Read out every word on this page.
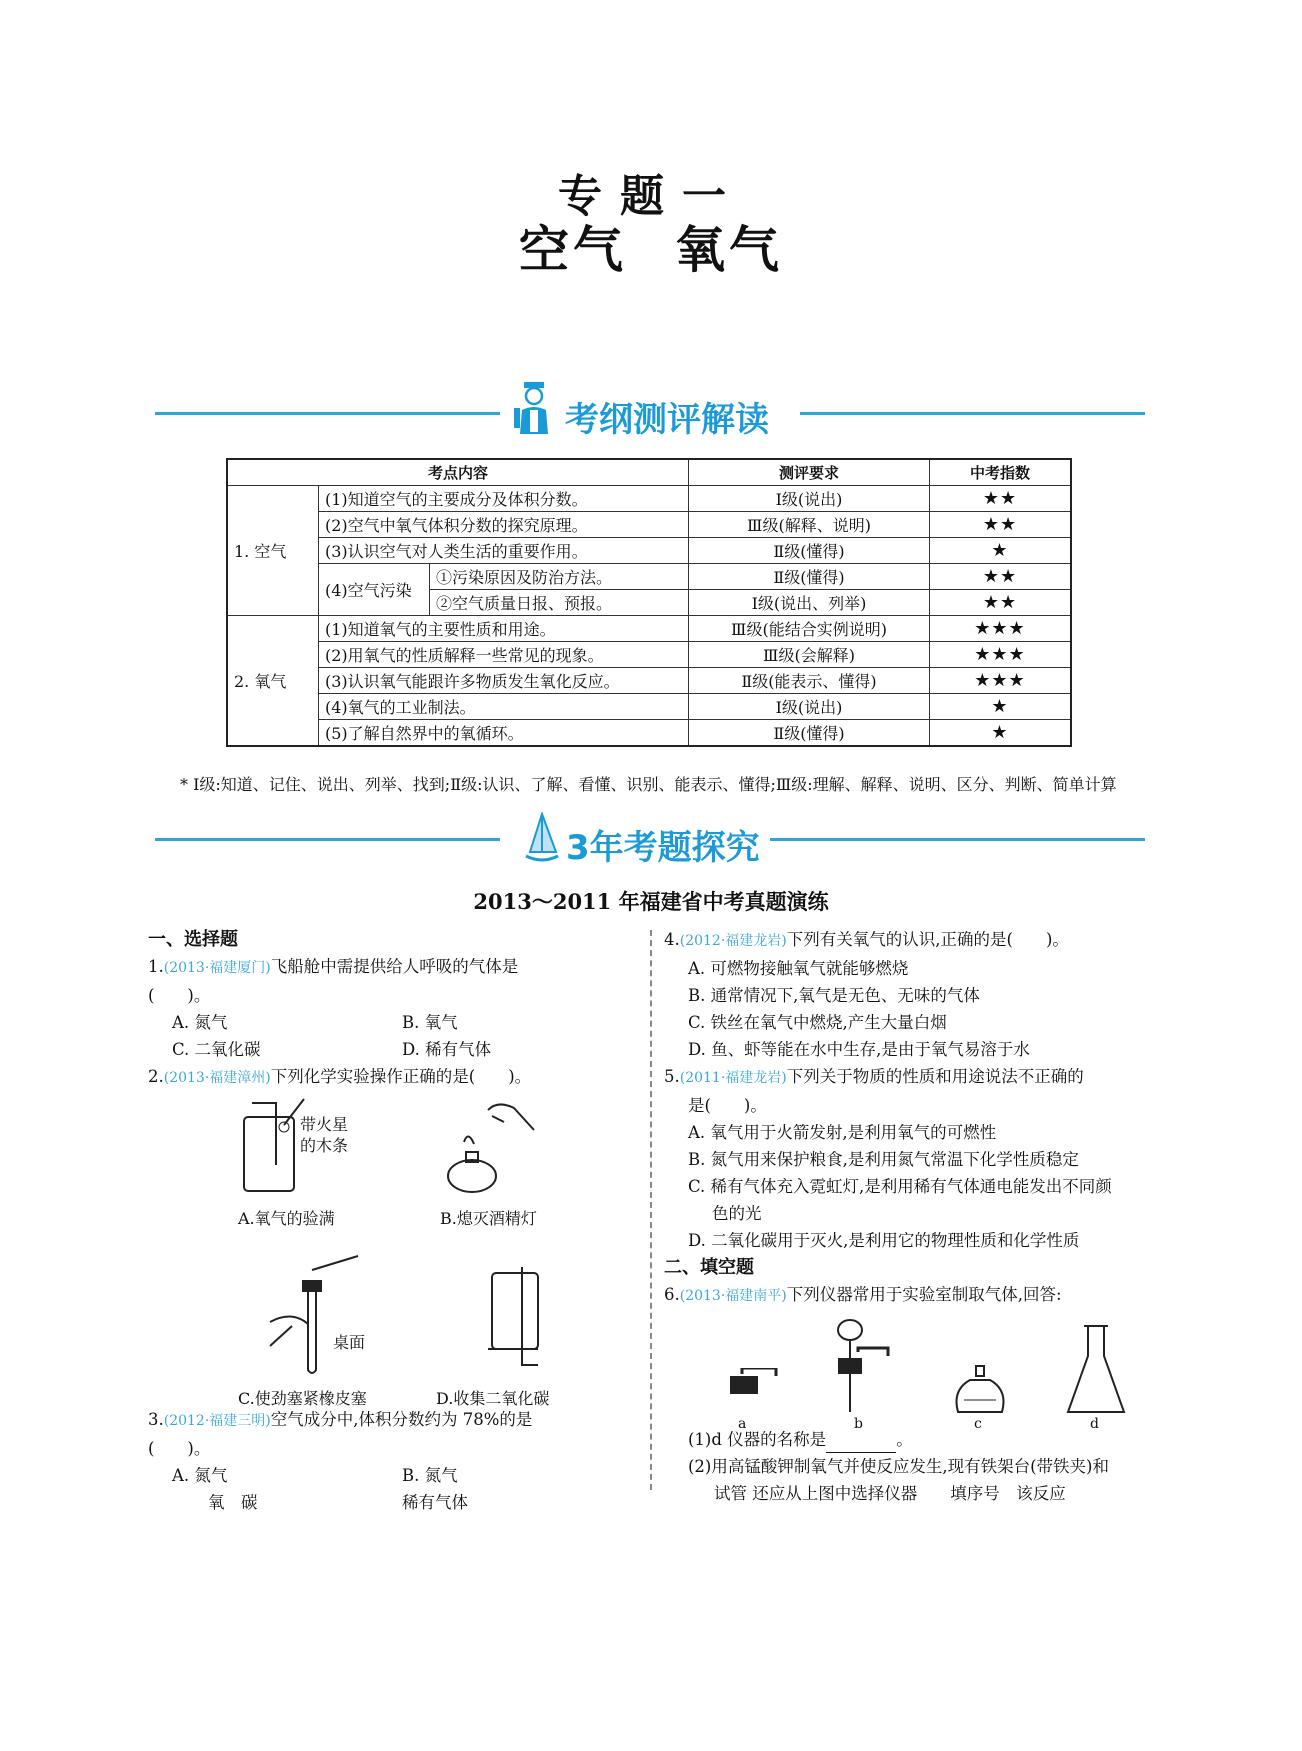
专题一
空气 氧气
考纲测评解读
考点内容			测评要求	中考指数
1. 空气	(1)知道空气的主要成分及体积分数。		Ⅰ级(说出)	★★
	(2)空气中氧气体积分数的探究原理。		Ⅲ级(解释、说明)	★★
	(3)认识空气对人类生活的重要作用。		Ⅱ级(懂得)	★
	(4)空气污染	①污染原因及防治方法。	Ⅱ级(懂得)	★★
		②空气质量日报、预报。	Ⅰ级(说出、列举)	★★
2. 氧气	(1)知道氧气的主要性质和用途。		Ⅲ级(能结合实例说明)	★★★
	(2)用氧气的性质解释一些常见的现象。		Ⅲ级(会解释)	★★★
	(3)认识氧气能跟许多物质发生氧化反应。		Ⅱ级(能表示、懂得)	★★★
	(4)氧气的工业制法。		Ⅰ级(说出)	★
	(5)了解自然界中的氧循环。		Ⅱ级(懂得)	★
* Ⅰ级:知道、记住、说出、列举、找到;Ⅱ级:认识、了解、看懂、识别、能表示、懂得;Ⅲ级:理解、解释、说明、区分、判断、简单计算
3年考题探究
2013～2011 年福建省中考真题演练
一、选择题
1.(2013·福建厦门)飞船舱中需提供给人呼吸的气体是
(　　)。
A. 氮气	B. 氧气
C. 二氧化碳	D. 稀有气体
2.(2013·福建漳州)下列化学实验操作正确的是(　　)。
带火星
的木条
A.氧气的验满	B.熄灭酒精灯
桌面
C.使劲塞紧橡皮塞	D.收集二氧化碳
3.(2012·福建三明)空气成分中,体积分数约为 78%的是
(　　)。
A. 氮气	B. 氮气
氧　碳	稀有气体
4.(2012·福建龙岩)下列有关氧气的认识,正确的是(　　)。
A. 可燃物接触氧气就能够燃烧
B. 通常情况下,氧气是无色、无味的气体
C. 铁丝在氧气中燃烧,产生大量白烟
D. 鱼、虾等能在水中生存,是由于氧气易溶于水
5.(2011·福建龙岩)下列关于物质的性质和用途说法不正确的
是(　　)。
A. 氧气用于火箭发射,是利用氧气的可燃性
B. 氮气用来保护粮食,是利用氮气常温下化学性质稳定
C. 稀有气体充入霓虹灯,是利用稀有气体通电能发出不同颜
色的光
D. 二氧化碳用于灭火,是利用它的物理性质和化学性质
二、填空题
6.(2013·福建南平)下列仪器常用于实验室制取气体,回答:
a	b	c	d
(1)d 仪器的名称是	。
(2)用高锰酸钾制氧气并使反应发生,现有铁架台(带铁夹)和
试管 还应从上图中选择仪器　　填序号　该反应
